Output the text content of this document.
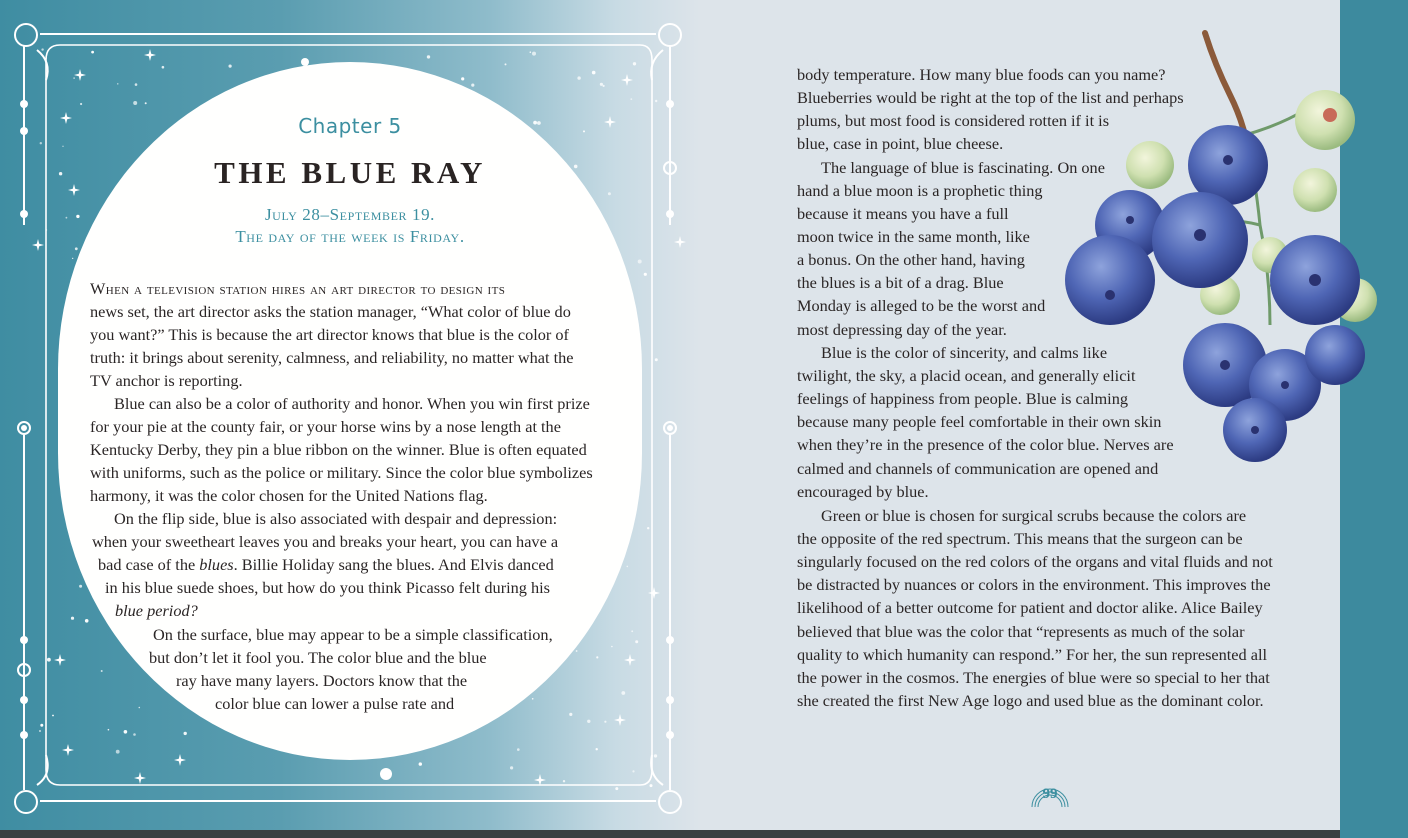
Chapter 5
THE BLUE RAY
July 28–September 19.
The day of the week is Friday.
When a television station hires an art director to design its
news set, the art director asks the station manager, “What color of blue do
you want?” This is because the art director knows that blue is the color of
truth: it brings about serenity, calmness, and reliability, no matter what the
TV anchor is reporting.
Blue can also be a color of authority and honor. When you win first prize
for your pie at the county fair, or your horse wins by a nose length at the
Kentucky Derby, they pin a blue ribbon on the winner. Blue is often equated
with uniforms, such as the police or military. Since the color blue symbolizes
harmony, it was the color chosen for the United Nations flag.
On the flip side, blue is also associated with despair and depression:
when your sweetheart leaves you and breaks your heart, you can have a
bad case of the blues. Billie Holiday sang the blues. And Elvis danced
in his blue suede shoes, but how do you think Picasso felt during his
blue period?
On the surface, blue may appear to be a simple classification,
but don’t let it fool you. The color blue and the blue
ray have many layers. Doctors know that the
color blue can lower a pulse rate and
body temperature. How many blue foods can you name?
Blueberries would be right at the top of the list and perhaps
plums, but most food is considered rotten if it is
blue, case in point, blue cheese.
The language of blue is fascinating. On one
hand a blue moon is a prophetic thing
because it means you have a full
moon twice in the same month, like
a bonus. On the other hand, having
the blues is a bit of a drag. Blue
Monday is alleged to be the worst and
most depressing day of the year.
Blue is the color of sincerity, and calms like
twilight, the sky, a placid ocean, and generally elicit
feelings of happiness from people. Blue is calming
because many people feel comfortable in their own skin
when they’re in the presence of the color blue. Nerves are
calmed and channels of communication are opened and
encouraged by blue.
Green or blue is chosen for surgical scrubs because the colors are
the opposite of the red spectrum. This means that the surgeon can be
singularly focused on the red colors of the organs and vital fluids and not
be distracted by nuances or colors in the environment. This improves the
likelihood of a better outcome for patient and doctor alike. Alice Bailey
believed that blue was the color that “represents as much of the solar
quality to which humanity can respond.” For her, the sun represented all
the power in the cosmos. The energies of blue were so special to her that
she created the first New Age logo and used blue as the dominant color.
99
